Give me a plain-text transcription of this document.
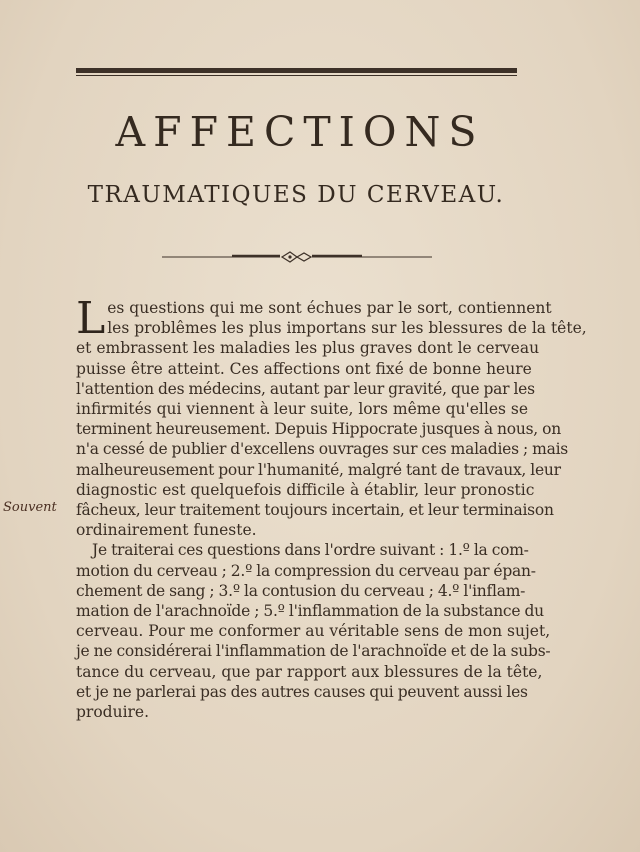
AFFECTIONS
TRAUMATIQUES DU CERVEAU.
Souvent

L es questions qui me sont échues par le sort, contiennent
les problêmes les plus importans sur les blessures de la tête,
et embrassent les maladies les plus graves dont le cerveau
puisse être atteint. Ces affections ont fixé de bonne heure
l'attention des médecins, autant par leur gravité, que par les
infirmités qui viennent à leur suite, lors même qu'elles se
terminent heureusement. Depuis Hippocrate jusques à nous, on
n'a cessé de publier d'excellens ouvrages sur ces maladies ; mais
malheureusement pour l'humanité, malgré tant de travaux, leur
diagnostic est quelquefois difficile à établir, leur pronostic
fâcheux, leur traitement toujours incertain, et leur terminaison
ordinairement funeste.

Je traiterai ces questions dans l'ordre suivant : 1.º la com-
motion du cerveau ; 2.º la compression du cerveau par épan-
chement de sang ; 3.º la contusion du cerveau ; 4.º l'inflam-
mation de l'arachnoïde ; 5.º l'inflammation de la substance du
cerveau. Pour me conformer au véritable sens de mon sujet,
je ne considérerai l'inflammation de l'arachnoïde et de la subs-
tance du cerveau, que par rapport aux blessures de la tête,
et je ne parlerai pas des autres causes qui peuvent aussi les
produire.
